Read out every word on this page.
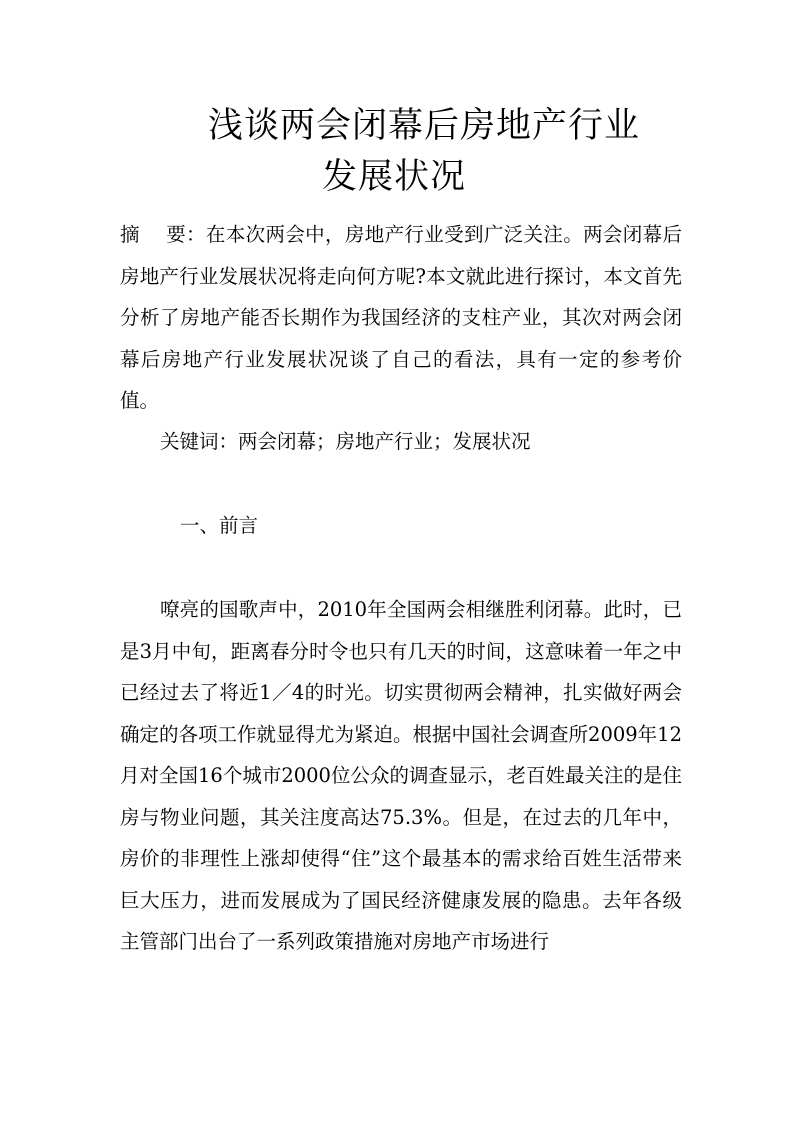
浅谈两会闭幕后房地产行业
发展状况
摘 要：在本次两会中，房地产行业受到广泛关注。两会闭幕后房地产行业发展状况将走向何方呢?本文就此进行探讨，本文首先分析了房地产能否长期作为我国经济的支柱产业，其次对两会闭幕后房地产行业发展状况谈了自己的看法，具有一定的参考价值。
关键词：两会闭幕；房地产行业；发展状况
一、前言
嘹亮的国歌声中，2010年全国两会相继胜利闭幕。此时，已是3月中旬，距离春分时令也只有几天的时间，这意味着一年之中已经过去了将近1／4的时光。切实贯彻两会精神，扎实做好两会确定的各项工作就显得尤为紧迫。根据中国社会调查所2009年12月对全国16个城市2000位公众的调查显示，老百姓最关注的是住房与物业问题，其关注度高达75.3%。但是，在过去的几年中，房价的非理性上涨却使得“住”这个最基本的需求给百姓生活带来巨大压力，进而发展成为了国民经济健康发展的隐患。去年各级主管部门出台了一系列政策措施对房地产市场进行
